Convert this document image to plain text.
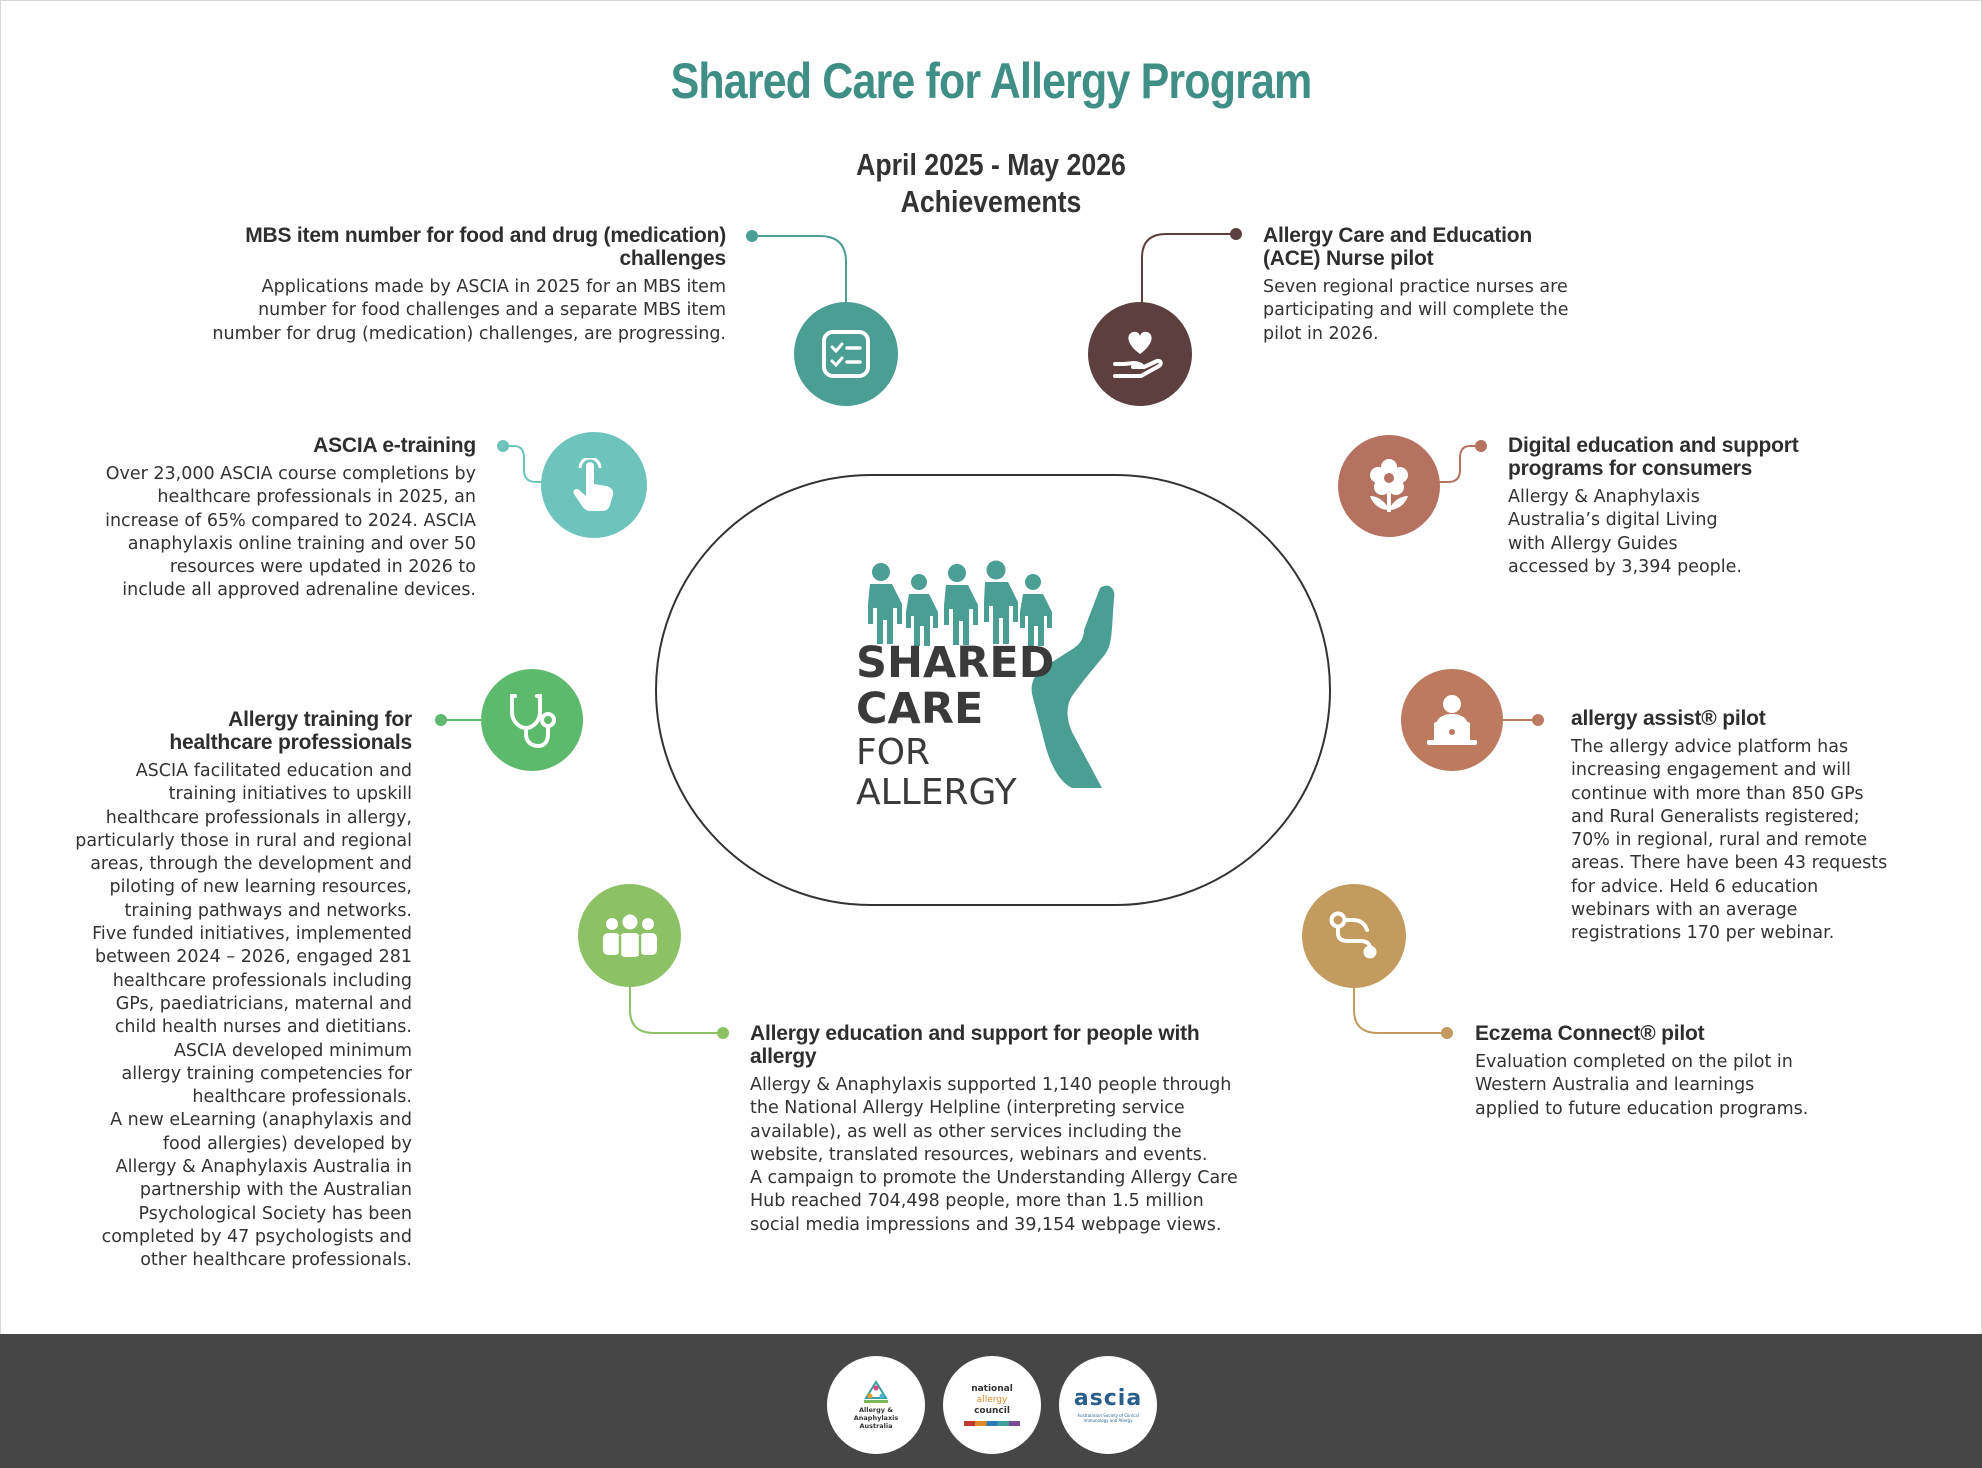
Shared Care for Allergy Program
April 2025 - May 2026
Achievements
MBS item number for food and drug (medication) challenges

Applications made by ASCIA in 2025 for an MBS item
number for food challenges and a separate MBS item
number for drug (medication) challenges, are progressing.

Allergy Care and Education
(ACE) Nurse pilot

Seven regional practice nurses are
participating and will complete the
pilot in 2026.

ASCIA e-training

Over 23,000 ASCIA course completions by
healthcare professionals in 2025, an
increase of 65% compared to 2024. ASCIA
anaphylaxis online training and over 50
resources were updated in 2026 to
include all approved adrenaline devices.

Digital education and support
programs for consumers

Allergy & Anaphylaxis
Australia’s digital Living
with Allergy Guides
accessed by 3,394 people.

Allergy training for
healthcare professionals

ASCIA facilitated education and
training initiatives to upskill
healthcare professionals in allergy,
particularly those in rural and regional
areas, through the development and
piloting of new learning resources,
training pathways and networks.
Five funded initiatives, implemented
between 2024 – 2026, engaged 281
healthcare professionals including
GPs, paediatricians, maternal and
child health nurses and dietitians.
ASCIA developed minimum
allergy training competencies for
healthcare professionals.
A new eLearning (anaphylaxis and
food allergies) developed by
Allergy & Anaphylaxis Australia in
partnership with the Australian
Psychological Society has been
completed by 47 psychologists and
other healthcare professionals.

allergy assist® pilot

The allergy advice platform has
increasing engagement and will
continue with more than 850 GPs
and Rural Generalists registered;
70% in regional, rural and remote
areas. There have been 43 requests
for advice. Held 6 education
webinars with an average
registrations 170 per webinar.

Allergy education and support for people with allergy

Allergy & Anaphylaxis supported 1,140 people through
the National Allergy Helpline (interpreting service
available), as well as other services including the
website, translated resources, webinars and events.
A campaign to promote the Understanding Allergy Care
Hub reached 704,498 people, more than 1.5 million
social media impressions and 39,154 webpage views.

Eczema Connect® pilot

Evaluation completed on the pilot in
Western Australia and learnings
applied to future education programs.

SHARED
CARE
FOR
ALLERGY
Allergy & Anaphylaxis Australia
national
allergy
council	ascia
Australasian Society of Clinical Immunology and Allergy
